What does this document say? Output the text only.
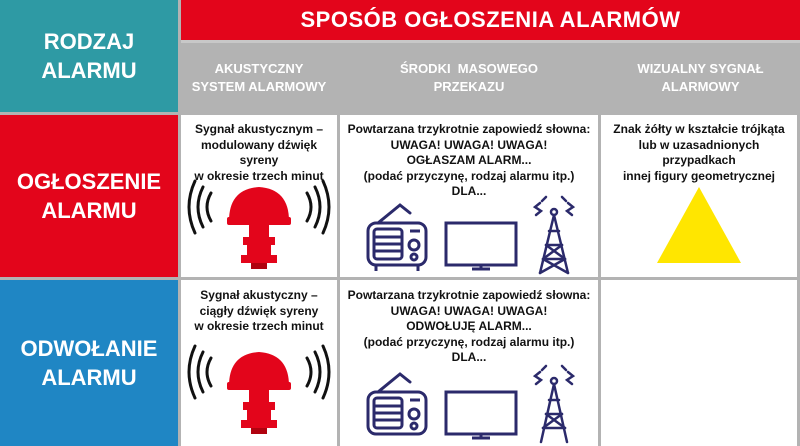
RODZAJ
ALARMU
SPOSÓB OGŁOSZENIA ALARMÓW
AKUSTYCZNY
SYSTEM ALARMOWY
ŚRODKI  MASOWEGO
PRZEKAZU
WIZUALNY SYGNAŁ
ALARMOWY
OGŁOSZENIE
ALARMU
ODWOŁANIE
ALARMU
Sygnał akustycznym –
modulowany dźwięk syreny
w okresie trzech minut
Powtarzana trzykrotnie zapowiedź słowna:
UWAGA! UWAGA! UWAGA!
OGŁASZAM ALARM...
(podać przyczynę, rodzaj alarmu itp.)
DLA...
Znak żółty w kształcie trójkąta
lub w uzasadnionych przypadkach
innej figury geometrycznej
Sygnał akustyczny –
ciągły dźwięk syreny
w okresie trzech minut
Powtarzana trzykrotnie zapowiedź słowna:
UWAGA! UWAGA! UWAGA!
ODWOŁUJĘ ALARM...
(podać przyczynę, rodzaj alarmu itp.)
DLA...
